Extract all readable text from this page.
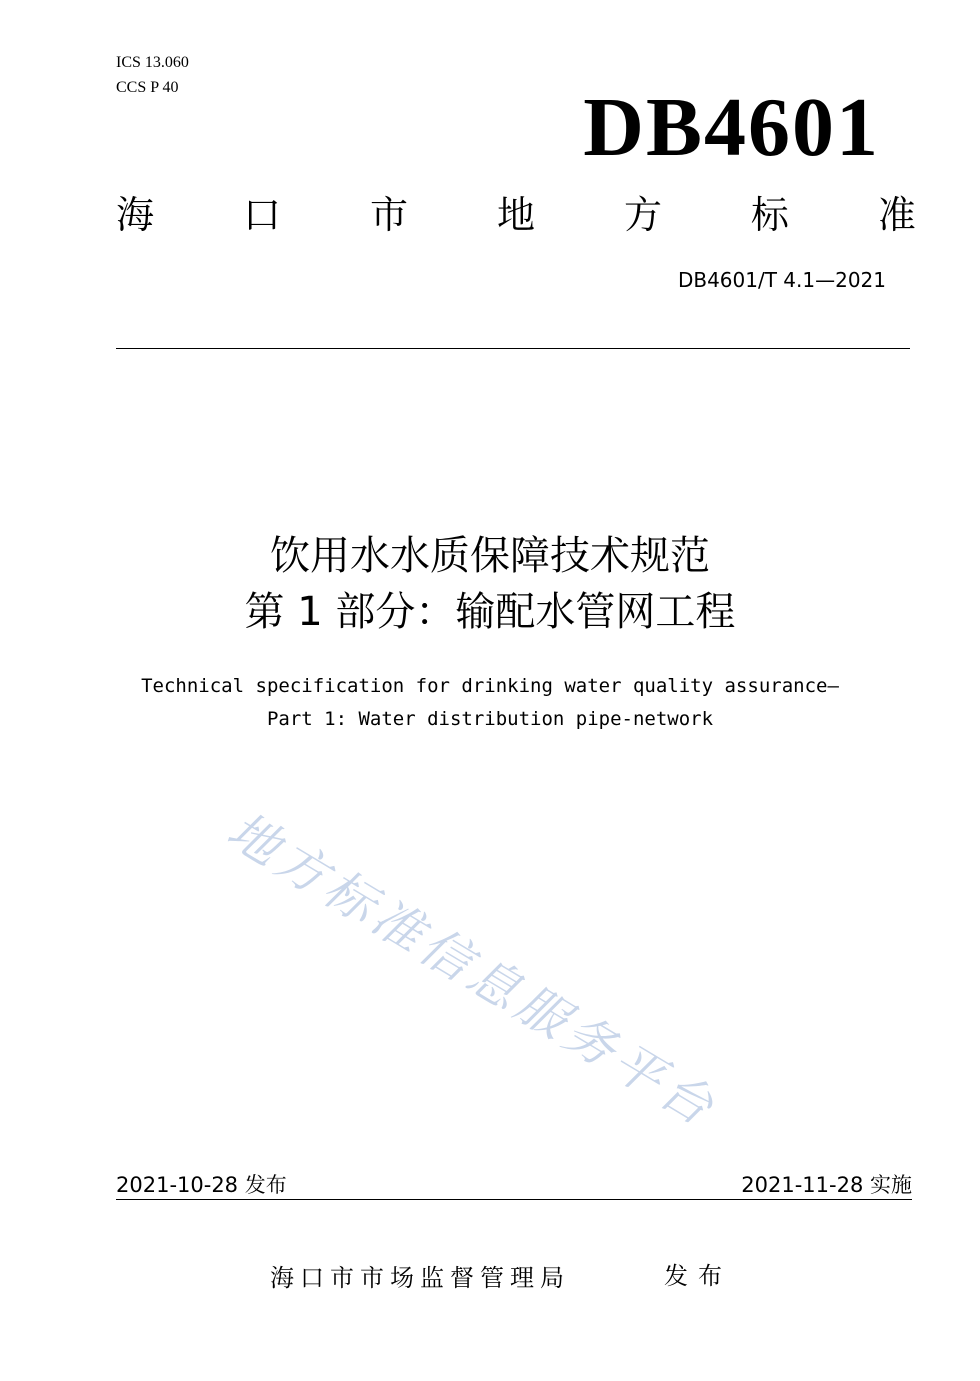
ICS 13.060
CCS P 40	DB4601
海 口 市 地 方 标 准
DB4601/T 4.1—2021
饮用水水质保障技术规范
第 1 部分：输配水管网工程
Technical specification for drinking water quality assurance—
Part 1: Water distribution pipe-network
地方标准信息服务平台
2021-10-28 发布	2021-11-28 实施
海口市市场监督管理局	发布
